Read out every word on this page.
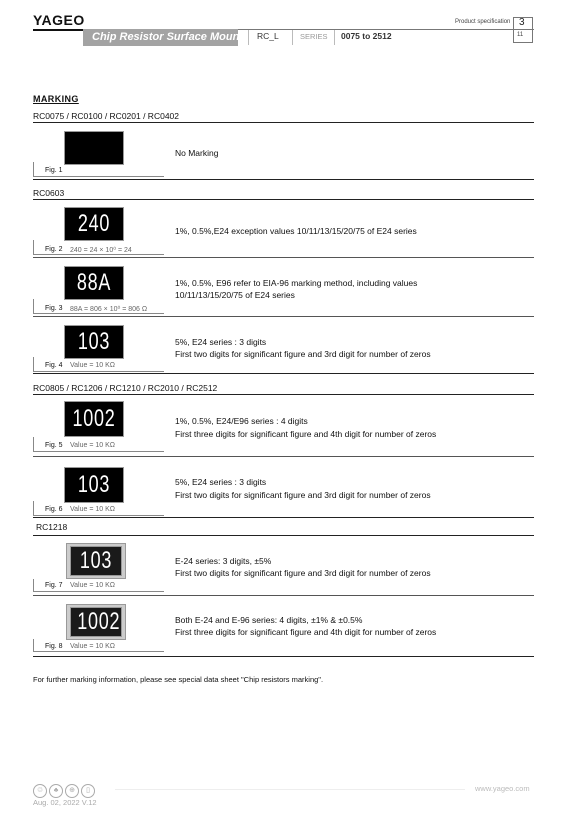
YAGEO
Chip Resistor Surface Mount RC_L	SERIES 0075 to 2512
Product specification 3
11
MARKING
RC0075 / RC0100 / RC0201 / RC0402
.
Fig. 1
No Marking
RC0603
240
Fig. 2 240 = 24 × 10⁰ = 24
1%, 0.5%,E24 exception values 10/11/13/15/20/75 of E24 series
88A
Fig. 3 88A = 806 × 10⁰ = 806 Ω
1%, 0.5%, E96 refer to EIA-96 marking method, including values
10/11/13/15/20/75 of E24 series
103
Fig. 4 Value = 10 KΩ
5%, E24 series : 3 digits
First two digits for significant figure and 3rd digit for number of zeros
RC0805 / RC1206 / RC1210 / RC2010 / RC2512
1002
Fig. 5 Value = 10 KΩ
1%, 0.5%, E24/E96 series : 4 digits
First three digits for significant figure and 4th digit for number of zeros
103
Fig. 6 Value = 10 KΩ
5%, E24 series : 3 digits
First two digits for significant figure and 3rd digit for number of zeros
RC1218
103
Fig. 7 Value = 10 KΩ
E-24 series: 3 digits, ±5%
First two digits for significant figure and 3rd digit for number of zeros
1002
Fig. 8 Value = 10 KΩ
Both E-24 and E-96 series: 4 digits, ±1% & ±0.5%
First three digits for significant figure and 4th digit for number of zeros
For further marking information, please see special data sheet "Chip resistors marking".
♲ ♣ ⊕ ▯
Aug. 02, 2022 V.12
www.yageo.com
